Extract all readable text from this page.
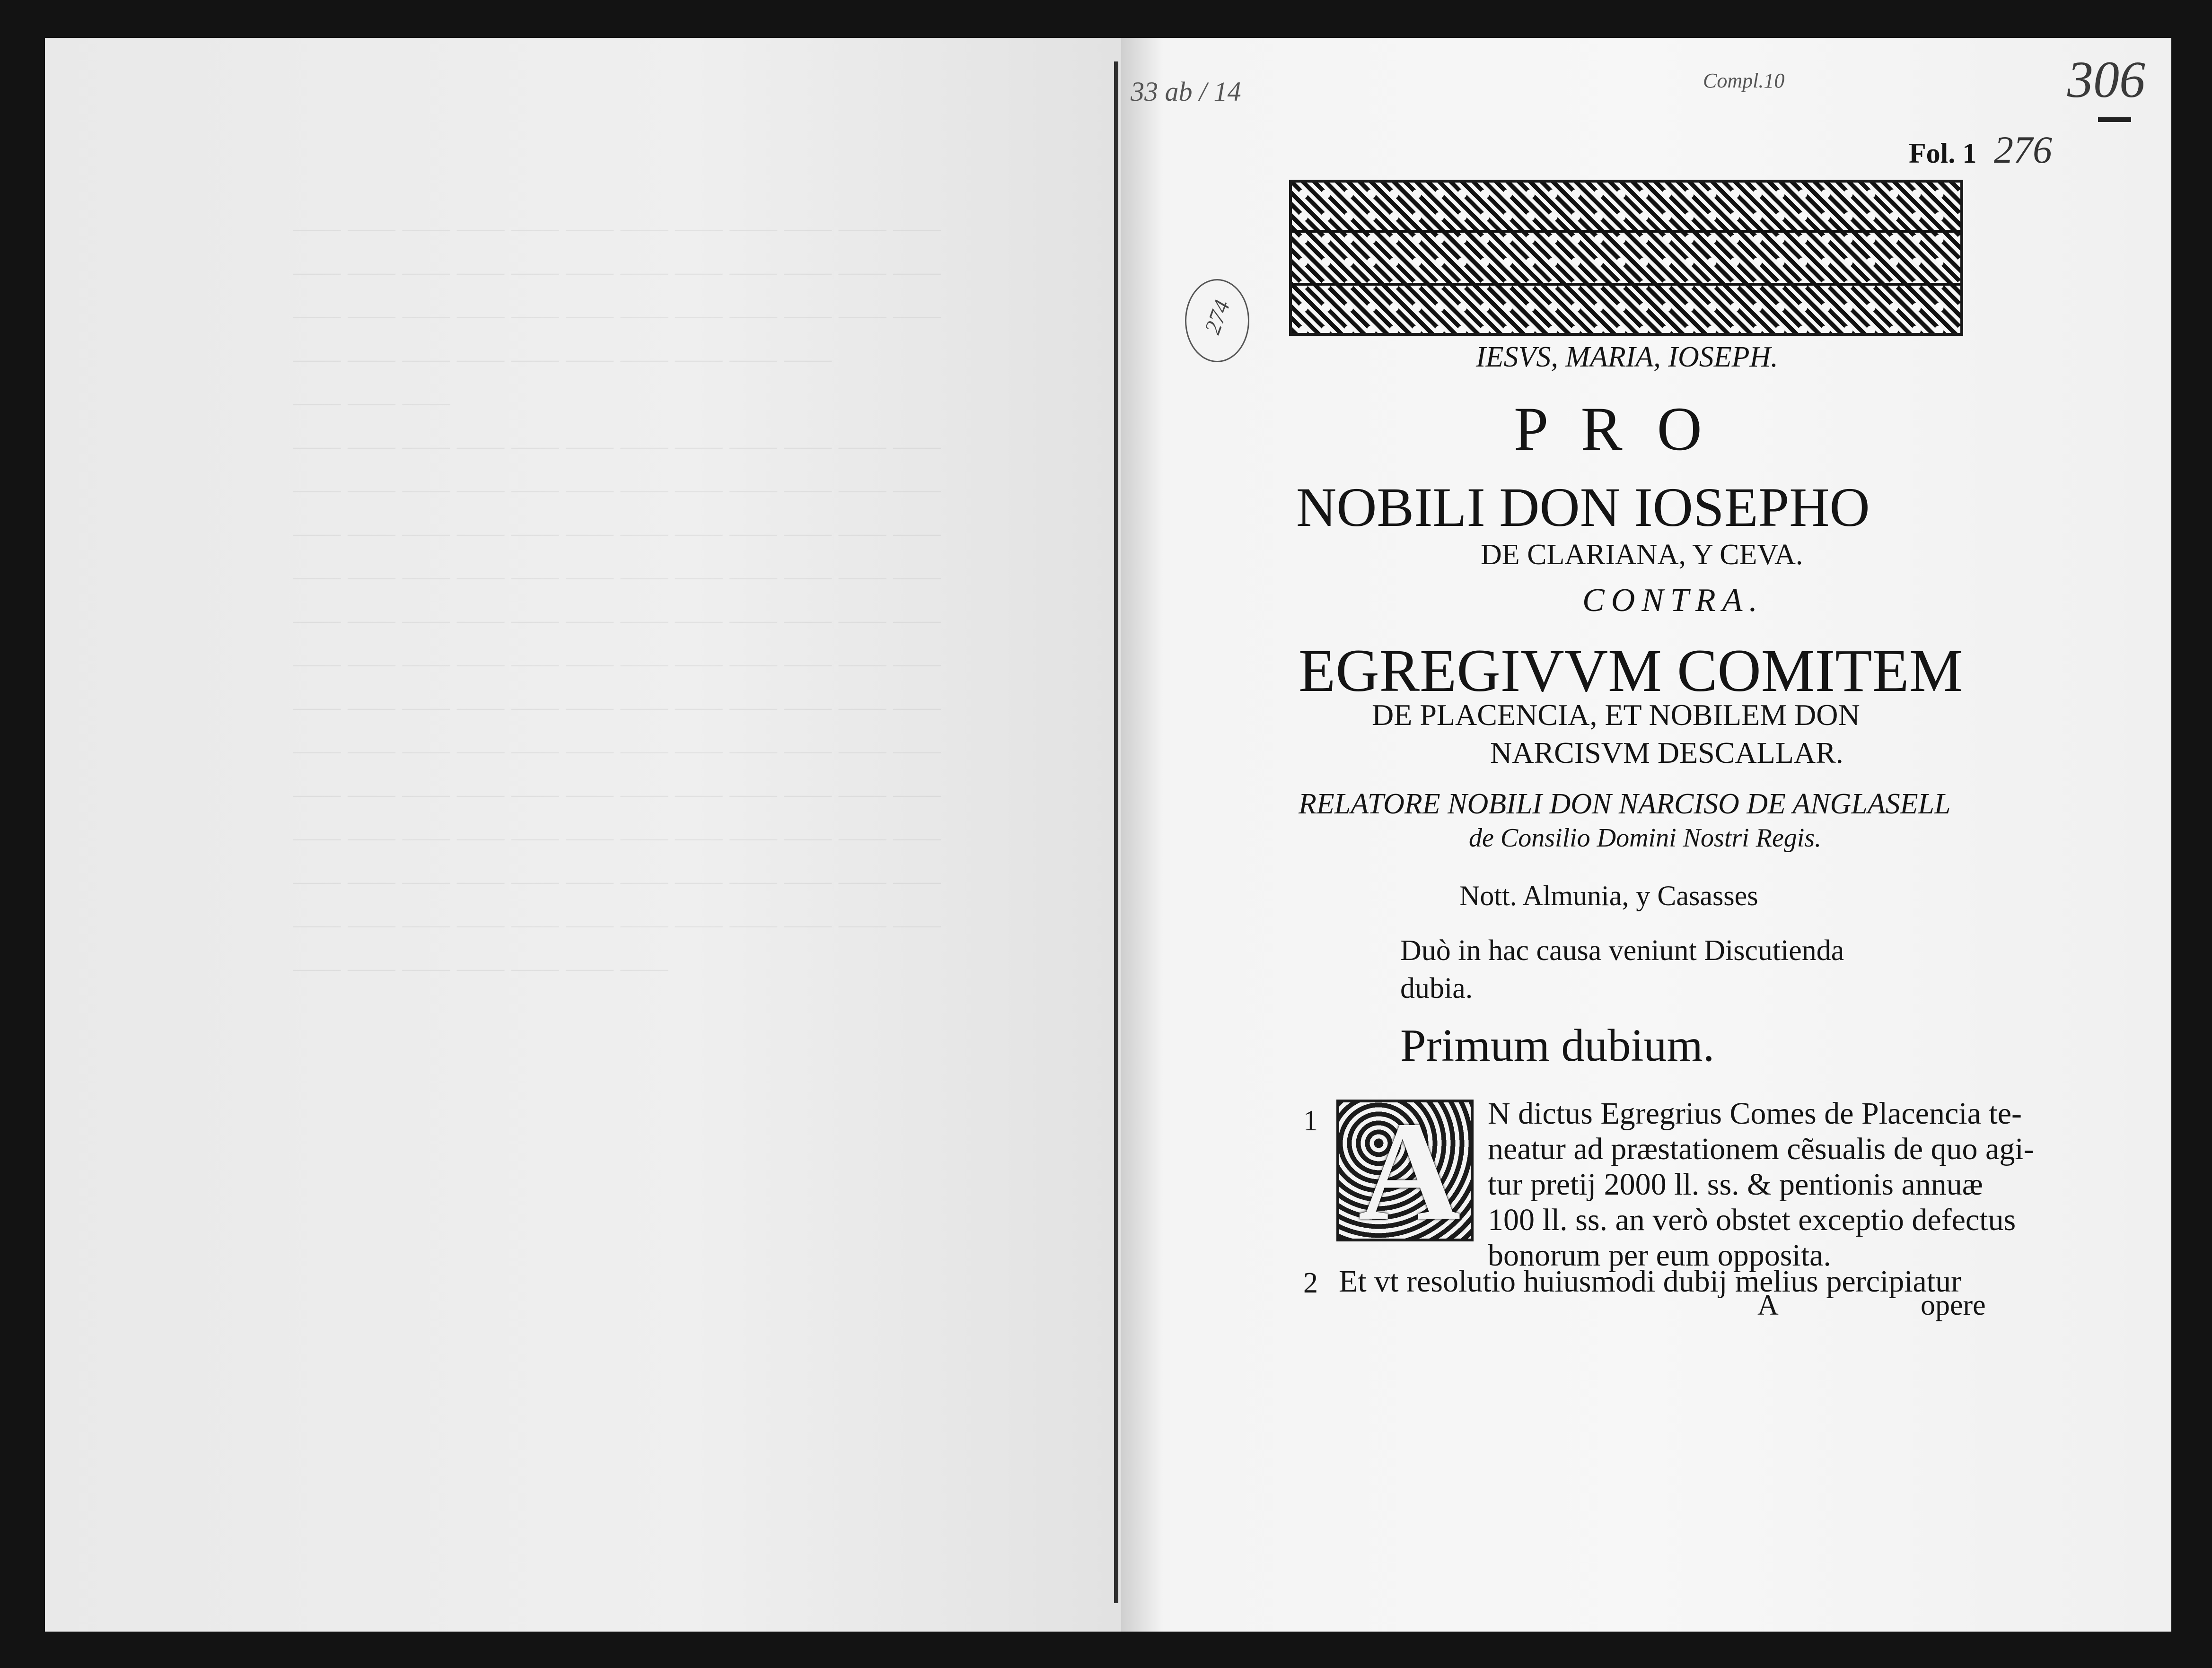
⸻ ⸻ ⸻ ⸻ ⸻ ⸻ ⸻ ⸻ ⸻ ⸻ ⸻ ⸻
⸻ ⸻ ⸻ ⸻ ⸻ ⸻ ⸻ ⸻ ⸻ ⸻ ⸻ ⸻
⸻ ⸻ ⸻ ⸻ ⸻ ⸻ ⸻ ⸻ ⸻ ⸻ ⸻ ⸻
⸻ ⸻ ⸻ ⸻ ⸻ ⸻ ⸻ ⸻ ⸻ ⸻
⸻ ⸻ ⸻
⸻ ⸻ ⸻ ⸻ ⸻ ⸻ ⸻ ⸻ ⸻ ⸻ ⸻ ⸻
⸻ ⸻ ⸻ ⸻ ⸻ ⸻ ⸻ ⸻ ⸻ ⸻ ⸻ ⸻
⸻ ⸻ ⸻ ⸻ ⸻ ⸻ ⸻ ⸻ ⸻ ⸻ ⸻ ⸻
⸻ ⸻ ⸻ ⸻ ⸻ ⸻ ⸻ ⸻ ⸻ ⸻ ⸻ ⸻
⸻ ⸻ ⸻ ⸻ ⸻ ⸻ ⸻ ⸻ ⸻ ⸻ ⸻ ⸻
⸻ ⸻ ⸻ ⸻ ⸻ ⸻ ⸻ ⸻ ⸻ ⸻ ⸻ ⸻
⸻ ⸻ ⸻ ⸻ ⸻ ⸻ ⸻ ⸻ ⸻ ⸻ ⸻ ⸻
⸻ ⸻ ⸻ ⸻ ⸻ ⸻ ⸻ ⸻ ⸻ ⸻ ⸻ ⸻
⸻ ⸻ ⸻ ⸻ ⸻ ⸻ ⸻ ⸻ ⸻ ⸻ ⸻ ⸻
⸻ ⸻ ⸻ ⸻ ⸻ ⸻ ⸻ ⸻ ⸻ ⸻ ⸻ ⸻
⸻ ⸻ ⸻ ⸻ ⸻ ⸻ ⸻ ⸻ ⸻ ⸻ ⸻ ⸻
⸻ ⸻ ⸻ ⸻ ⸻ ⸻ ⸻ ⸻ ⸻ ⸻ ⸻ ⸻
⸻ ⸻ ⸻ ⸻ ⸻ ⸻ ⸻
33 ab / 14	Compl.10	306
Fol. 1 276
274
IESVS, MARIA, IOSEPH.
P R O
NOBILI DON IOSEPHO
DE CLARIANA, Y CEVA.
CONTRA.
EGREGIVVM COMITEM
DE PLACENCIA, ET NOBILEM DON
NARCISVM DESCALLAR.
RELATORE NOBILI DON NARCISO DE ANGLASELL
de Consilio Domini Nostri Regis.
Nott. Almunia, y Casasses
Duò in hac causa veniunt Discutienda
dubia.
Primum dubium.
1 A N dictus Egregrius Comes de Placencia te-
neatur ad præstationem cẽsualis de quo agi-
tur pretij 2000 ll. ss. & pentionis annuæ
100 ll. ss. an verò obstet exceptio defectus
bonorum per eum opposita.
2 Et vt resolutio huiusmodi dubij melius percipiatur
A	opere
